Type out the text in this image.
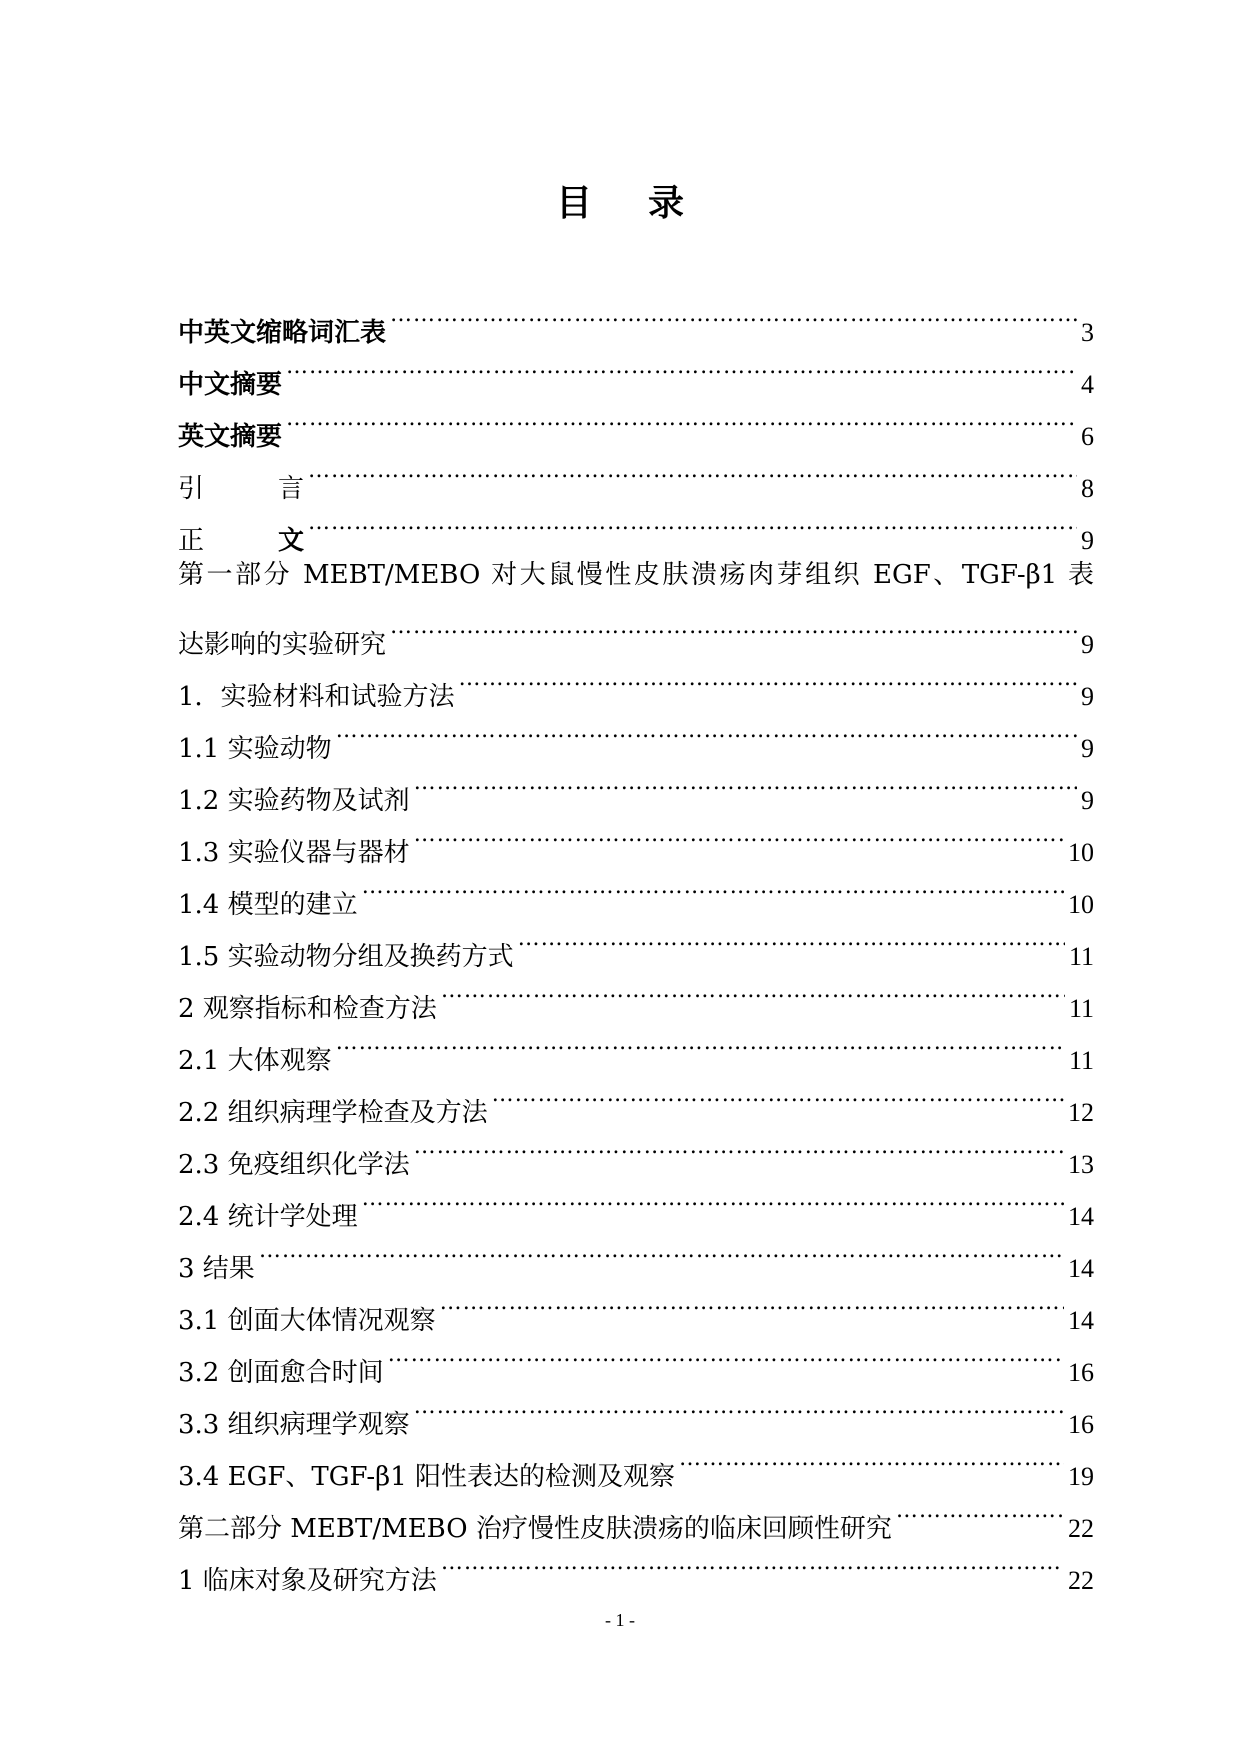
目 录
中英文缩略词汇表 …………………………………………………………………………………………………………………………………………………………………………………………………………………………	3
中文摘要 …………………………………………………………………………………………………………………………………………………………………………………………………………………………	4
英文摘要 …………………………………………………………………………………………………………………………………………………………………………………………………………………………	6
引	言 …………………………………………………………………………………………………………………………………………………………………………………………………………………………	8
正	文 …………………………………………………………………………………………………………………………………………………………………………………………………………………………	9
第一部分 MEBT/MEBO 对大鼠慢性皮肤溃疡肉芽组织 EGF、TGF-β1 表
达影响的实验研究 …………………………………………………………………………………………………………………………………………………………………………………………………………………………	9
1．实验材料和试验方法 …………………………………………………………………………………………………………………………………………………………………………………………………………………………	9
1.1 实验动物 …………………………………………………………………………………………………………………………………………………………………………………………………………………………	9
1.2 实验药物及试剂 …………………………………………………………………………………………………………………………………………………………………………………………………………………………	9
1.3 实验仪器与器材 …………………………………………………………………………………………………………………………………………………………………………………………………………………………	10
1.4 模型的建立 …………………………………………………………………………………………………………………………………………………………………………………………………………………………	10
1.5 实验动物分组及换药方式 …………………………………………………………………………………………………………………………………………………………………………………………………………………………	11
2 观察指标和检查方法 …………………………………………………………………………………………………………………………………………………………………………………………………………………………	11
2.1 大体观察 …………………………………………………………………………………………………………………………………………………………………………………………………………………………	11
2.2 组织病理学检查及方法 …………………………………………………………………………………………………………………………………………………………………………………………………………………………	12
2.3 免疫组织化学法 …………………………………………………………………………………………………………………………………………………………………………………………………………………………	13
2.4 统计学处理 …………………………………………………………………………………………………………………………………………………………………………………………………………………………	14
3 结果 …………………………………………………………………………………………………………………………………………………………………………………………………………………………	14
3.1 创面大体情况观察 …………………………………………………………………………………………………………………………………………………………………………………………………………………………	14
3.2 创面愈合时间 …………………………………………………………………………………………………………………………………………………………………………………………………………………………	16
3.3 组织病理学观察 …………………………………………………………………………………………………………………………………………………………………………………………………………………………	16
3.4 EGF、TGF-β1 阳性表达的检测及观察 …………………………………………………………………………………………………………………………………………………………………………………………………………………………	19
第二部分 MEBT/MEBO 治疗慢性皮肤溃疡的临床回顾性研究 …………………………………………………………………………………………………………………………………………………………………………………………………………………………	22
1 临床对象及研究方法 …………………………………………………………………………………………………………………………………………………………………………………………………………………………	22
- 1 -
